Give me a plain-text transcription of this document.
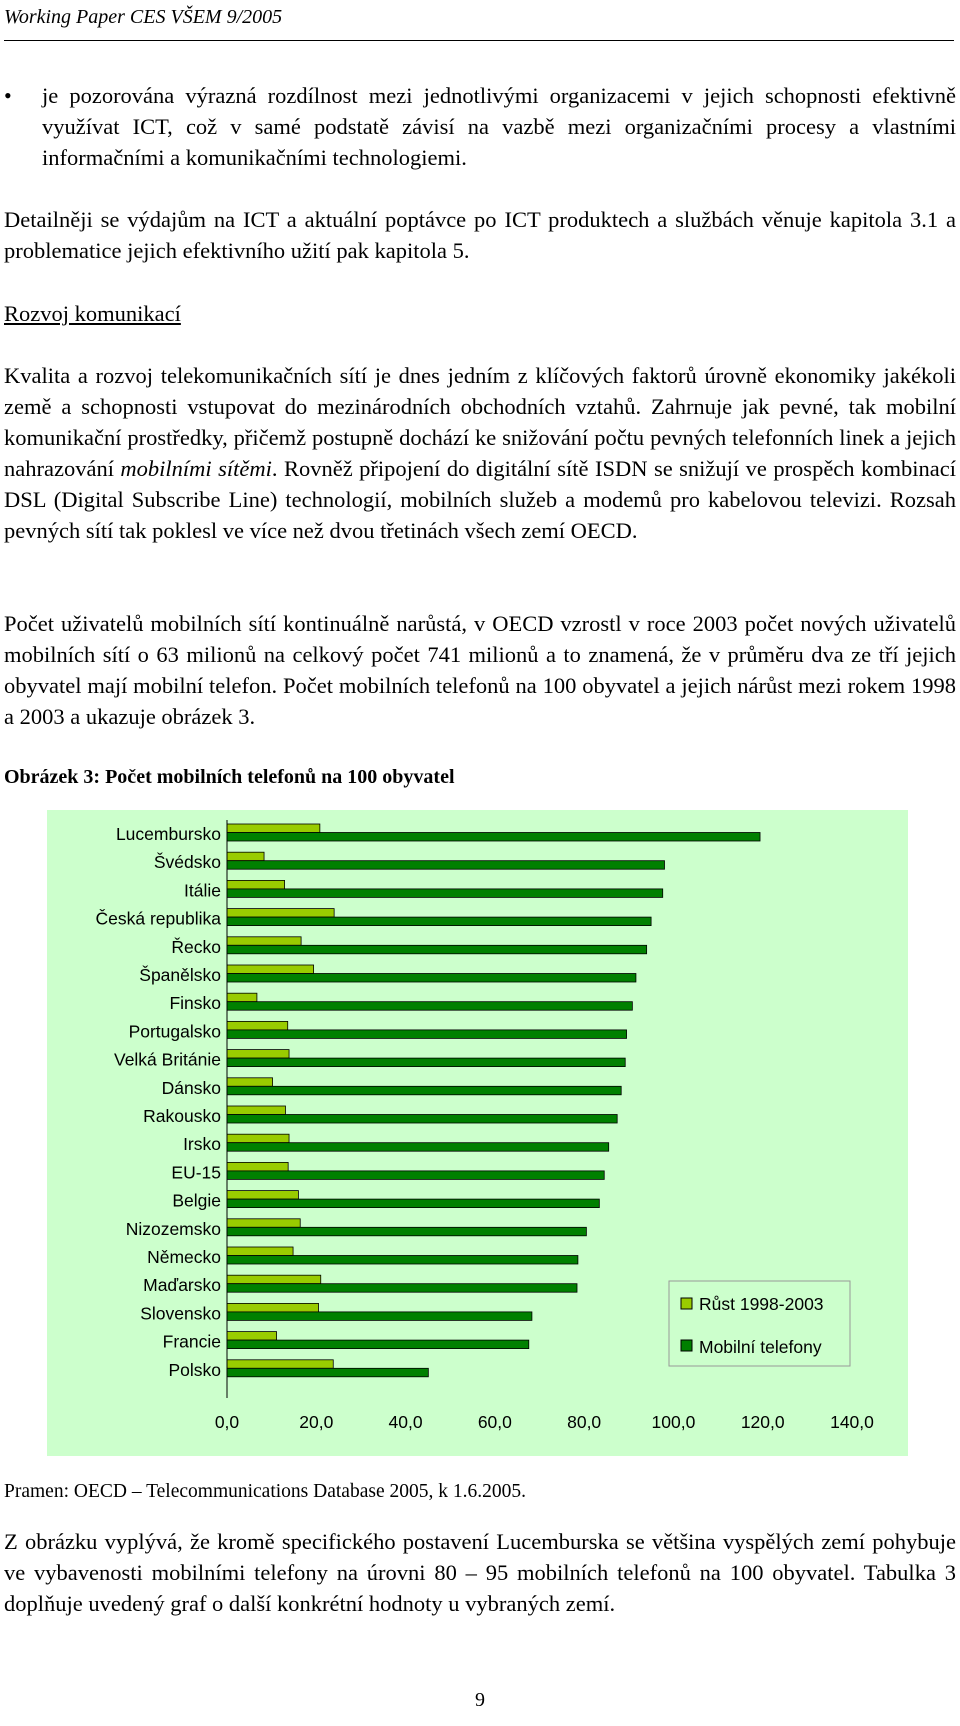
Working Paper CES VŠEM 9/2005
• je pozorována výrazná rozdílnost mezi jednotlivými organizacemi v jejich schopnosti efektivně využívat ICT, což v samé podstatě závisí na vazbě mezi organizačními procesy a vlastními informačními a komunikačními technologiemi.

Detailněji se výdajům na ICT a aktuální poptávce po ICT produktech a službách věnuje kapitola 3.1 a problematice jejich efektivního užití pak kapitola 5.

Rozvoj komunikací

Kvalita a rozvoj telekomunikačních sítí je dnes jedním z klíčových faktorů úrovně ekonomiky jakékoli země a schopnosti vstupovat do mezinárodních obchodních vztahů. Zahrnuje jak pevné, tak mobilní komunikační prostředky, přičemž postupně dochází ke snižování počtu pevných telefonních linek a jejich nahrazování mobilními sítěmi. Rovněž připojení do digitální sítě ISDN se snižují ve prospěch kombinací DSL (Digital Subscribe Line) technologií, mobilních služeb a modemů pro kabelovou televizi. Rozsah pevných sítí tak poklesl ve více než dvou třetinách všech zemí OECD.

Počet uživatelů mobilních sítí kontinuálně narůstá, v OECD vzrostl v roce 2003 počet nových uživatelů mobilních sítí o 63 milionů na celkový počet 741 milionů a to znamená, že v průměru dva ze tří jejich obyvatel mají mobilní telefon. Počet mobilních telefonů na 100 obyvatel a jejich nárůst mezi rokem 1998 a 2003 a ukazuje obrázek 3.

Obrázek 3: Počet mobilních telefonů na 100 obyvatel

Lucembursko
Švédsko
Itálie
Česká republika
Řecko
Španělsko
Finsko
Portugalsko
Velká Británie
Dánsko
Rakousko
Irsko
EU-15
Belgie
Nizozemsko
Německo
Maďarsko
Slovensko
Francie
Polsko
0,0	20,0	40,0	60,0	80,0	100,0	120,0	140,0
Růst 1998-2003
Mobilní telefony

Pramen: OECD – Telecommunications Database 2005, k 1.6.2005.

Z obrázku vyplývá, že kromě specifického postavení Lucemburska se většina vyspělých zemí pohybuje ve vybavenosti mobilními telefony na úrovni 80 – 95 mobilních telefonů na 100 obyvatel. Tabulka 3 doplňuje uvedený graf o další konkrétní hodnoty u vybraných zemí.

9
